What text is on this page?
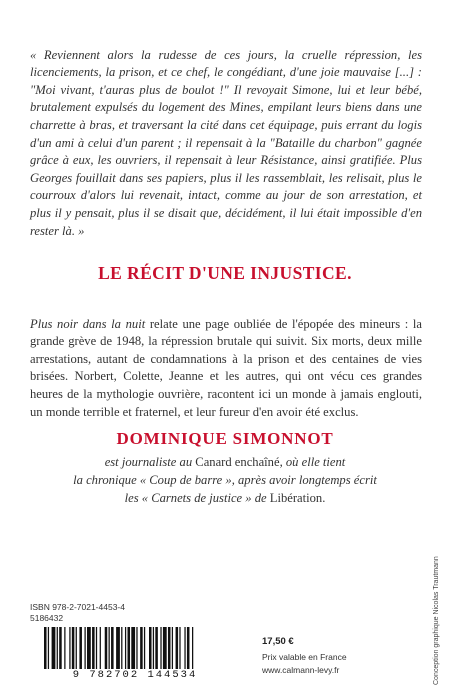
« Reviennent alors la rudesse de ces jours, la cruelle répression, les licenciements, la prison, et ce chef, le congédiant, d'une joie mauvaise [...] : "Moi vivant, t'auras plus de boulot !" Il revoyait Simone, lui et leur bébé, brutalement expulsés du logement des Mines, empilant leurs biens dans une charrette à bras, et traversant la cité dans cet équipage, puis errant du logis d'un ami à celui d'un parent ; il repensait à la "Bataille du charbon" gagnée grâce à eux, les ouvriers, il repensait à leur Résistance, ainsi gratifiée. Plus Georges fouillait dans ses papiers, plus il les rassemblait, les relisait, plus le courroux d'alors lui revenait, intact, comme au jour de son arrestation, et plus il y pensait, plus il se disait que, décidément, il lui était impossible d'en rester là. »

LE RÉCIT D'UNE INJUSTICE.

Plus noir dans la nuit relate une page oubliée de l'épopée des mineurs : la grande grève de 1948, la répression brutale qui suivit. Six morts, deux mille arrestations, autant de condamnations à la prison et des centaines de vies brisées. Norbert, Colette, Jeanne et les autres, qui ont vécu ces grandes heures de la mythologie ouvrière, racontent ici un monde à jamais englouti, un monde terrible et fraternel, et leur fureur d'en avoir été exclus.

DOMINIQUE SIMONNOT
est journaliste au Canard enchaîné, où elle tient
la chronique « Coup de barre », après avoir longtemps écrit
les « Carnets de justice » de Libération.
Conception graphique Nicolas Trautmann
ISBN 978-2-7021-4453-4
5186432
9 782702 144534
17,50 €
Prix valable en France
www.calmann-levy.fr
